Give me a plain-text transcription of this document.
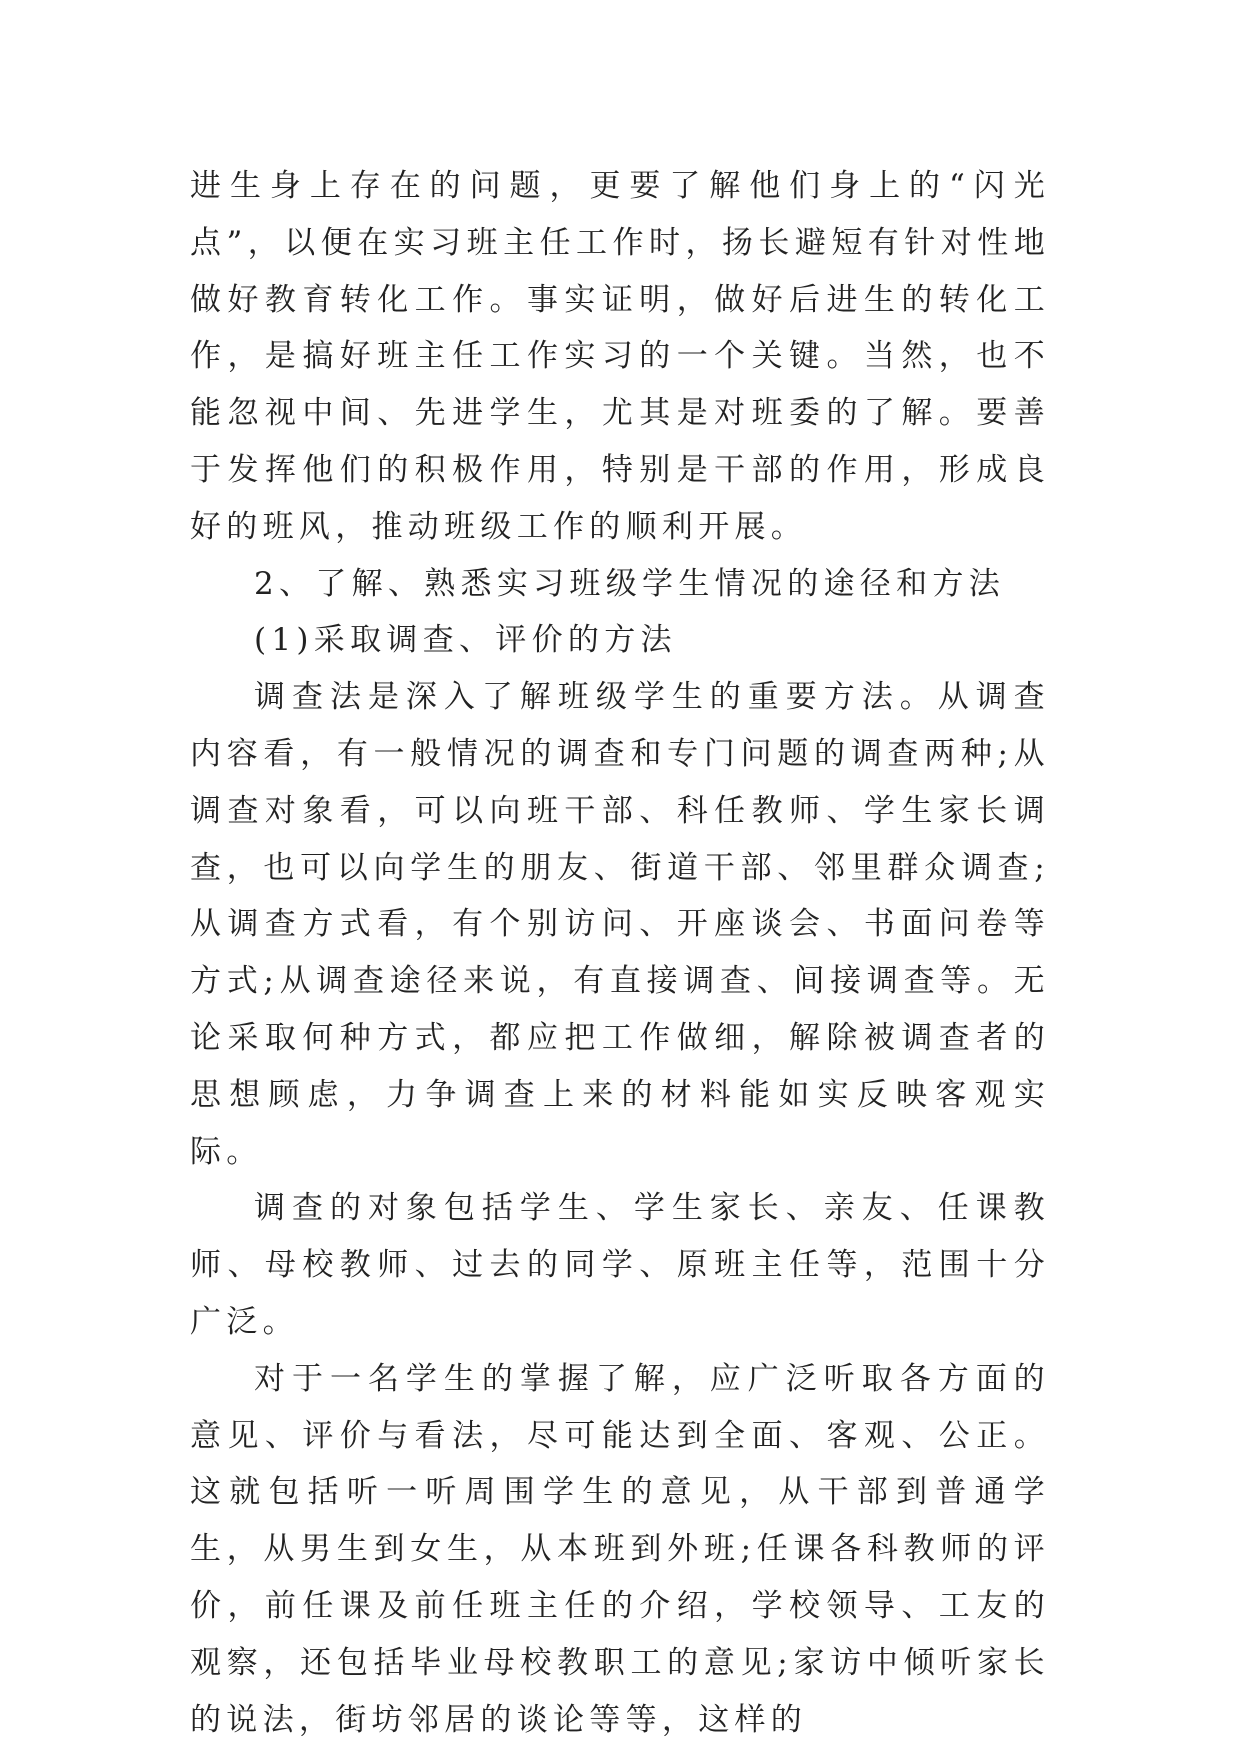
进生身上存在的问题，更要了解他们身上的“闪光点”，以便在实习班主任工作时，扬长避短有针对性地做好教育转化工作。事实证明，做好后进生的转化工作，是搞好班主任工作实习的一个关键。当然，也不能忽视中间、先进学生，尤其是对班委的了解。要善于发挥他们的积极作用，特别是干部的作用，形成良好的班风，推动班级工作的顺利开展。

2、了解、熟悉实习班级学生情况的途径和方法

(1)采取调查、评价的方法

调查法是深入了解班级学生的重要方法。从调查内容看，有一般情况的调查和专门问题的调查两种;从调查对象看，可以向班干部、科任教师、学生家长调查，也可以向学生的朋友、街道干部、邻里群众调查;从调查方式看，有个别访问、开座谈会、书面问卷等方式;从调查途径来说，有直接调查、间接调查等。无论采取何种方式，都应把工作做细，解除被调查者的思想顾虑，力争调查上来的材料能如实反映客观实际。

调查的对象包括学生、学生家长、亲友、任课教师、母校教师、过去的同学、原班主任等，范围十分广泛。

对于一名学生的掌握了解，应广泛听取各方面的意见、评价与看法，尽可能达到全面、客观、公正。这就包括听一听周围学生的意见，从干部到普通学生，从男生到女生，从本班到外班;任课各科教师的评价，前任课及前任班主任的介绍，学校领导、工友的观察，还包括毕业母校教职工的意见;家访中倾听家长的说法，街坊邻居的谈论等等，这样的
